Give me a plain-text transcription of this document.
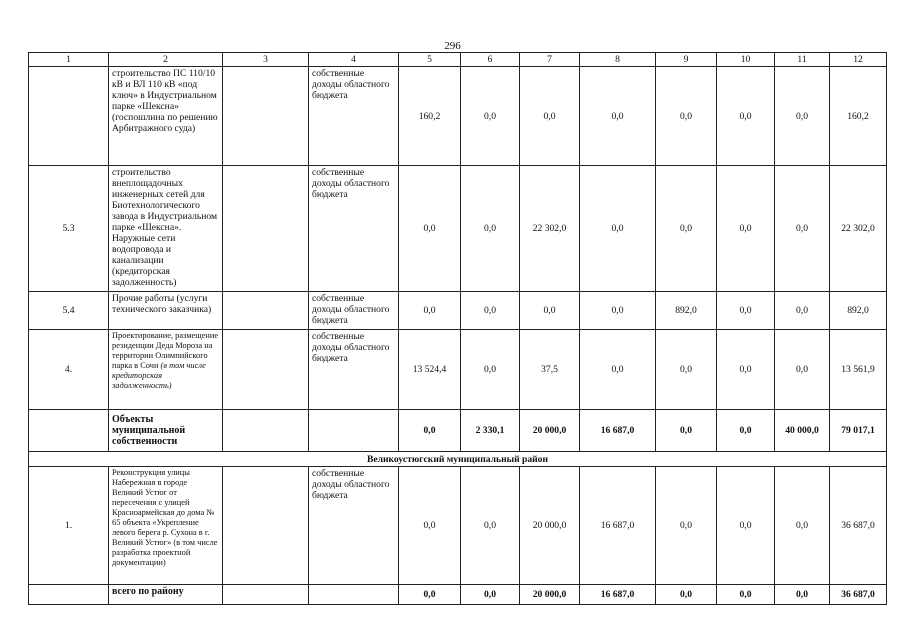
296
1	2	3	4	5	6	7	8	9	10	11	12
	строительство ПС 110/10 кВ и ВЛ 110 кВ «под ключ» в Индустриальном парке «Шексна» (госпошлина по решению Арбитражного суда)		собственные доходы областного бюджета	160,2	0,0	0,0	0,0	0,0	0,0	0,0	160,2
5.3	строительство внеплощадочных инженерных сетей для Биотехнологического завода в Индустриальном парке «Шексна». Наружные сети водопровода и канализации (кредиторская задолженность)		собственные доходы областного бюджета	0,0	0,0	22 302,0	0,0	0,0	0,0	0,0	22 302,0
5.4	Прочие работы (услуги технического заказчика)		собственные доходы областного бюджета	0,0	0,0	0,0	0,0	892,0	0,0	0,0	892,0
4.	Проектирование, размещение резиденции Деда Мороза на территории Олимпийского парка в Сочи (в том числе кредиторская задолженность)		собственные доходы областного бюджета	13 524,4	0,0	37,5	0,0	0,0	0,0	0,0	13 561,9
	Объекты муниципальной собственности			0,0	2 330,1	20 000,0	16 687,0	0,0	0,0	40 000,0	79 017,1
Великоустюгский муниципальный район											
1.	Реконструкция улицы Набережная в городе Великий Устюг от пересечения с улицей Красноармейская до дома № 65 объекта «Укрепление левого берега р. Сухона в г. Великий Устюг» (в том числе разработка проектной документации)		собственные доходы областного бюджета	0,0	0,0	20 000,0	16 687,0	0,0	0,0	0,0	36 687,0
	всего по району			0,0	0,0	20 000,0	16 687,0	0,0	0,0	0,0	36 687,0
